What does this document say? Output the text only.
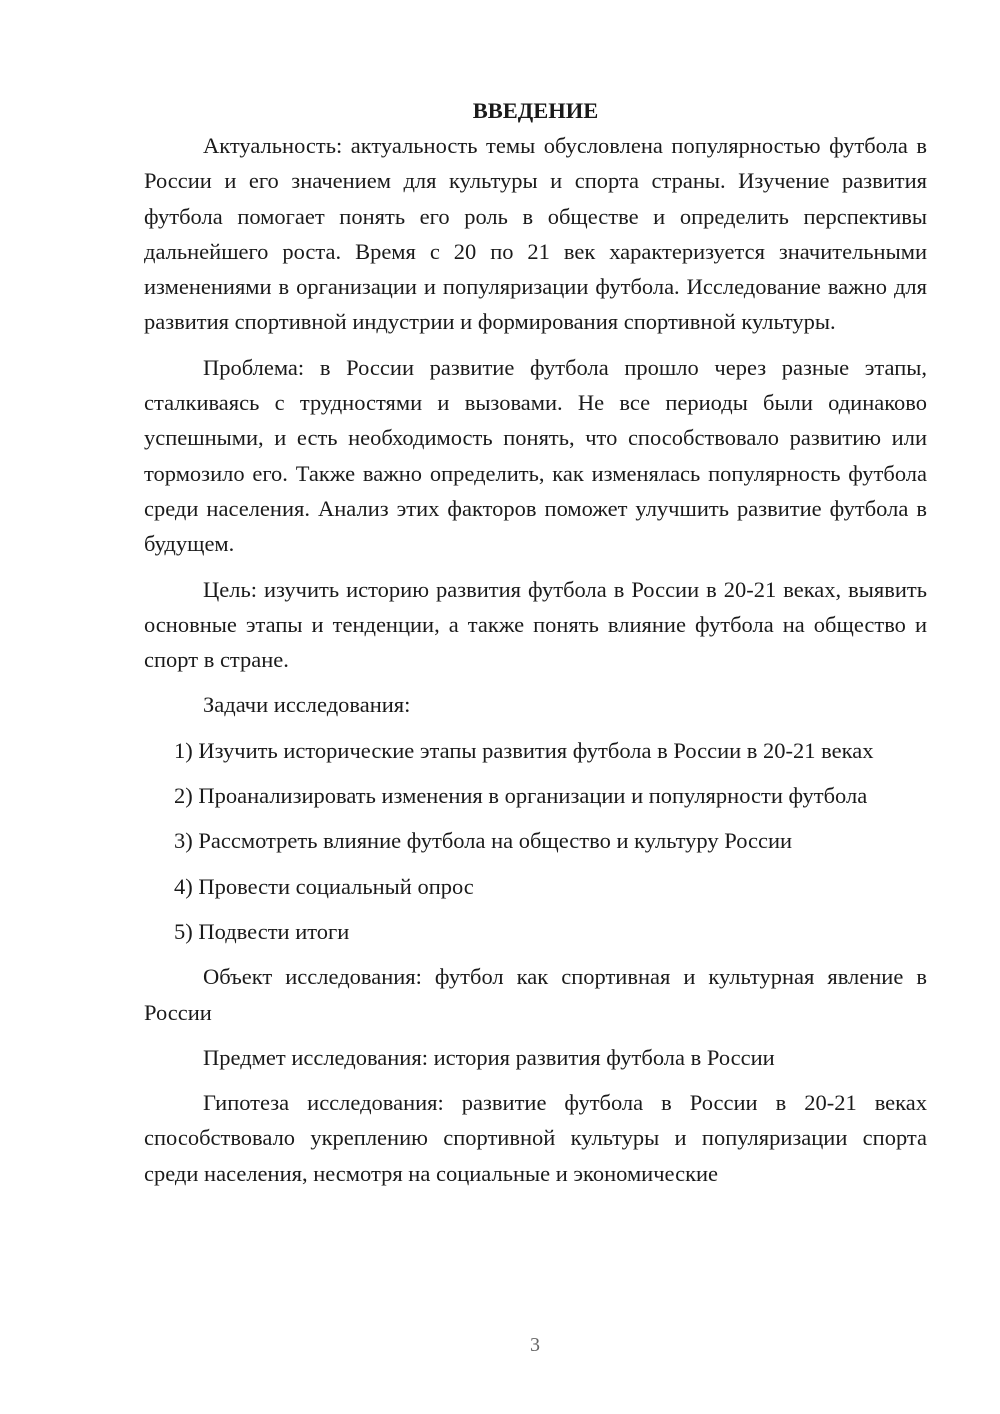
ВВЕДЕНИЕ

Актуальность: актуальность темы обусловлена популярностью футбола в России и его значением для культуры и спорта страны. Изучение развития футбола помогает понять его роль в обществе и определить перспективы дальнейшего роста. Время с 20 по 21 век характеризуется значительными изменениями в организации и популяризации футбола. Исследование важно для развития спортивной индустрии и формирования спортивной культуры.

Проблема: в России развитие футбола прошло через разные этапы, сталкиваясь с трудностями и вызовами. Не все периоды были одинаково успешными, и есть необходимость понять, что способствовало развитию или тормозило его. Также важно определить, как изменялась популярность футбола среди населения. Анализ этих факторов поможет улучшить развитие футбола в будущем.

Цель: изучить историю развития футбола в России в 20-21 веках, выявить основные этапы и тенденции, а также понять влияние футбола на общество и спорт в стране.

Задачи исследования:

1) Изучить исторические этапы развития футбола в России в 20-21 веках

2) Проанализировать изменения в организации и популярности футбола

3) Рассмотреть влияние футбола на общество и культуру России

4) Провести социальный опрос

5) Подвести итоги

Объект исследования: футбол как спортивная и культурная явление в России

Предмет исследования: история развития футбола в России

Гипотеза исследования: развитие футбола в России в 20-21 веках способствовало укреплению спортивной культуры и популяризации спорта среди населения, несмотря на социальные и экономические

3
